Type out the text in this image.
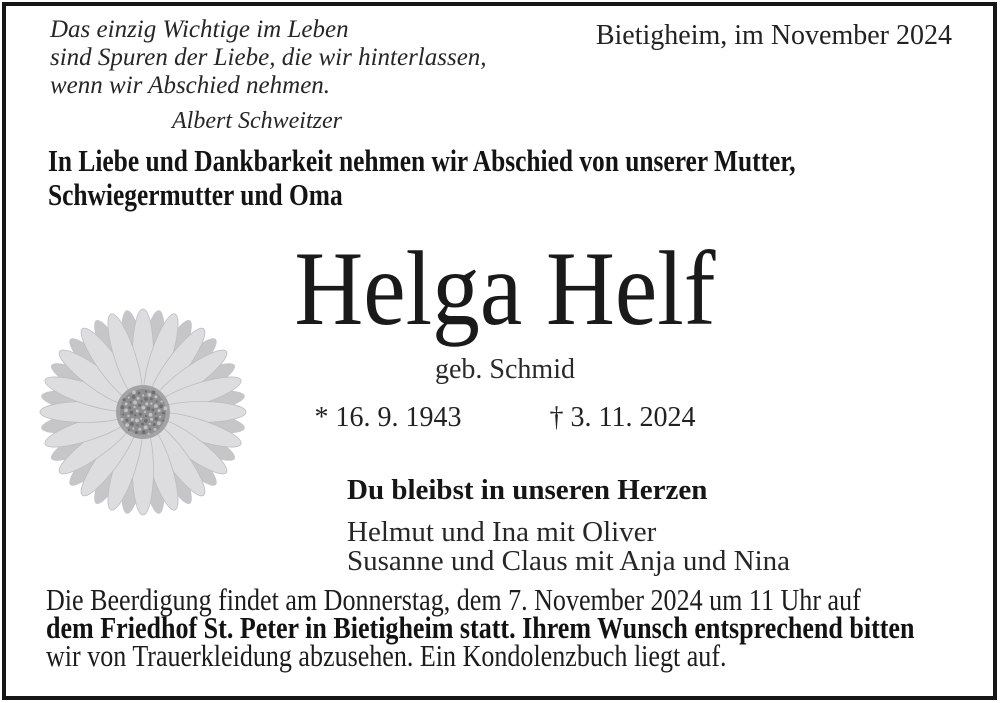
Das einzig Wichtige im Leben
sind Spuren der Liebe, die wir hinterlassen,
wenn wir Abschied nehmen.
Albert Schweitzer
Bietigheim, im November 2024
In Liebe und Dankbarkeit nehmen wir Abschied von unserer Mutter,
Schwiegermutter und Oma
Helga Helf
geb. Schmid
* 16. 9. 1943	† 3. 11. 2024
Du bleibst in unseren Herzen
Helmut und Ina mit Oliver
Susanne und Claus mit Anja und Nina
Die Beerdigung findet am Donnerstag, dem 7. November 2024 um 11 Uhr auf
dem Friedhof St. Peter in Bietigheim statt. Ihrem Wunsch entsprechend bitten
wir von Trauerkleidung abzusehen. Ein Kondolenzbuch liegt auf.
